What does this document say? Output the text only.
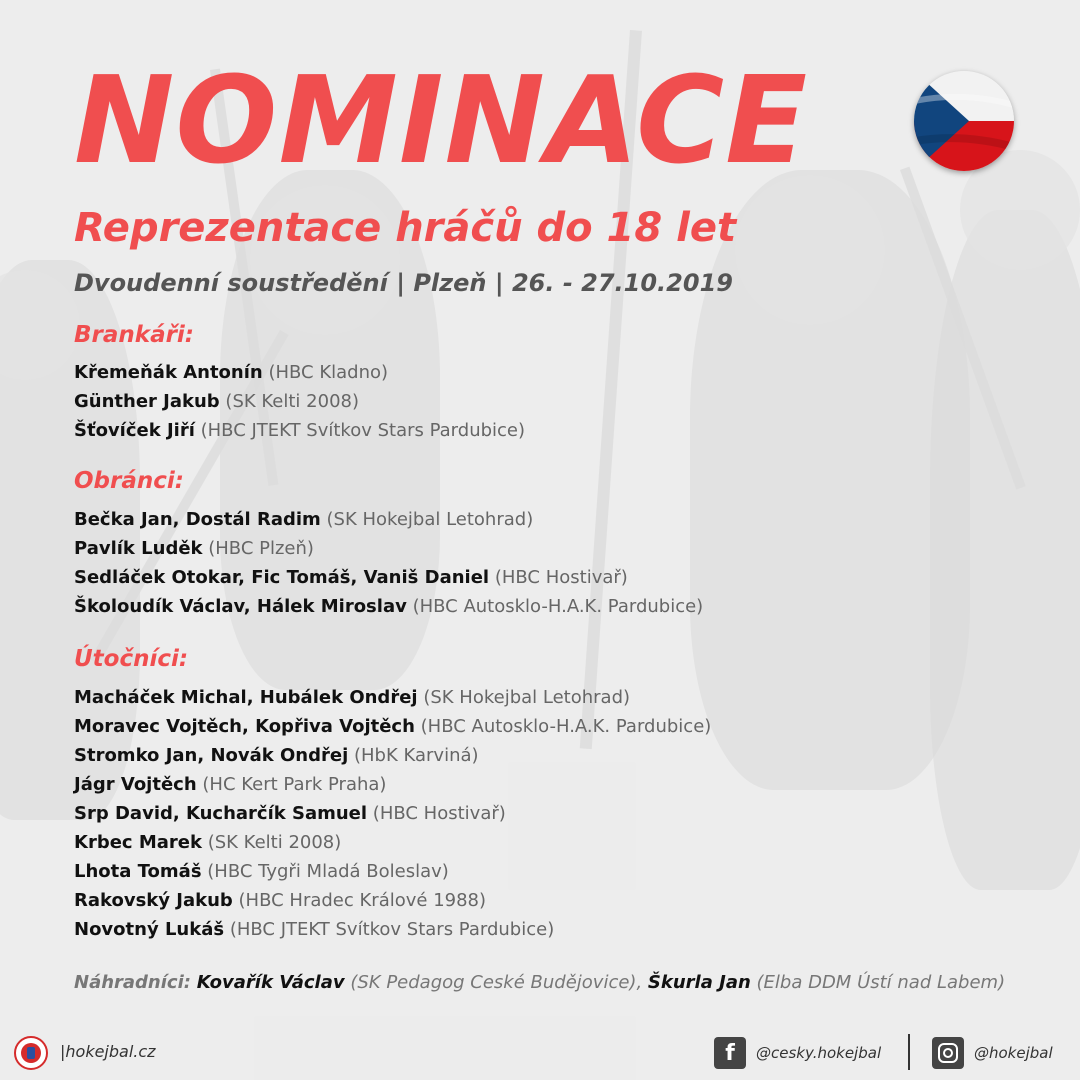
NOMINACE
Reprezentace hráčů do 18 let

Dvoudenní soustředění | Plzeň | 26. - 27.10.2019

Brankáři:
Křemeňák Antonín (HBC Kladno)
Günther Jakub (SK Kelti 2008)
Šťovíček Jiří (HBC JTEKT Svítkov Stars Pardubice)
Obránci:
Bečka Jan, Dostál Radim (SK Hokejbal Letohrad)
Pavlík Luděk (HBC Plzeň)
Sedláček Otokar, Fic Tomáš, Vaniš Daniel (HBC Hostivař)
Školoudík Václav, Hálek Miroslav (HBC Autosklo-H.A.K. Pardubice)
Útočníci:
Macháček Michal, Hubálek Ondřej (SK Hokejbal Letohrad)
Moravec Vojtěch, Kopřiva Vojtěch (HBC Autosklo-H.A.K. Pardubice)
Stromko Jan, Novák Ondřej (HbK Karviná)
Jágr Vojtěch (HC Kert Park Praha)
Srp David, Kucharčík Samuel (HBC Hostivař)
Krbec Marek (SK Kelti 2008)
Lhota Tomáš (HBC Tygři Mladá Boleslav)
Rakovský Jakub (HBC Hradec Králové 1988)
Novotný Lukáš (HBC JTEKT Svítkov Stars Pardubice)

Náhradníci: Kovařík Václav (SK Pedagog Ceské Budějovice), Škurla Jan (Elba DDM Ústí nad Labem)

|hokejbal.cz	f	@cesky.hokejbal	@hokejbal
